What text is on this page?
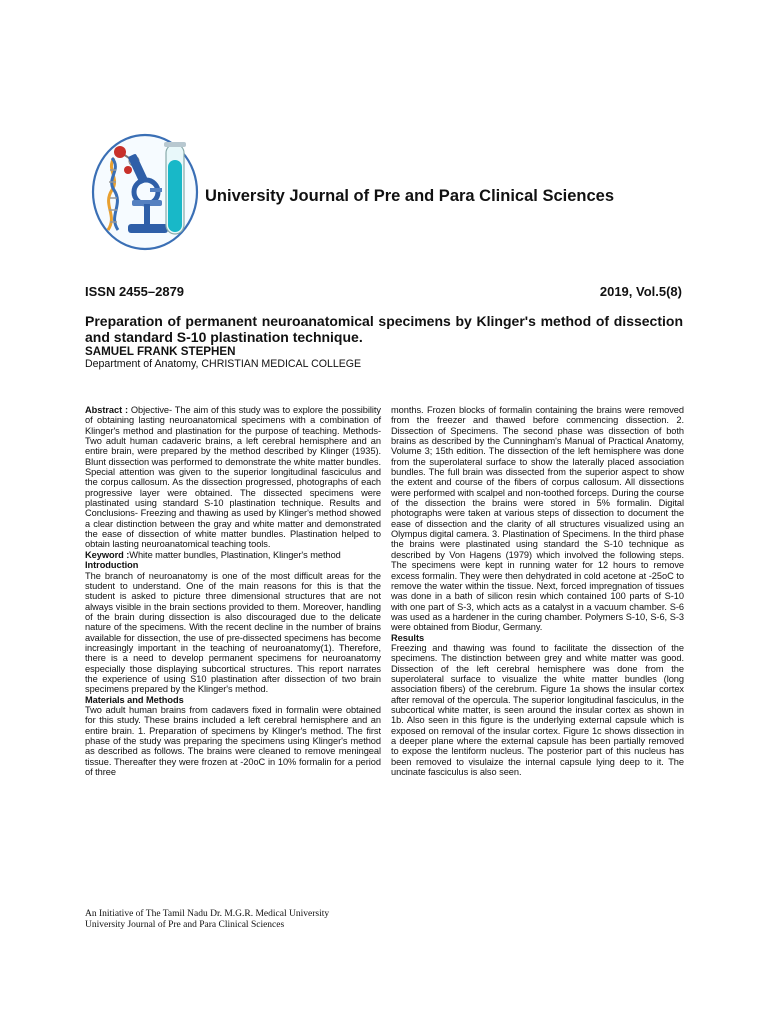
University Journal of Pre and Para Clinical Sciences
ISSN 2455–2879	2019, Vol.5(8)
Preparation of permanent neuroanatomical specimens by Klinger's method of dissection and standard S-10 plastination technique.
SAMUEL FRANK STEPHEN
Department of Anatomy, CHRISTIAN MEDICAL COLLEGE

Abstract : Objective- The aim of this study was to explore the possibility of obtaining lasting neuroanatomical specimens with a combination of Klinger's method and plastination for the purpose of teaching. Methods- Two adult human cadaveric brains, a left cerebral hemisphere and an entire brain, were prepared by the method described by Klinger (1935). Blunt dissection was performed to demonstrate the white matter bundles. Special attention was given to the superior longitudinal fasciculus and the corpus callosum. As the dissection progressed, photographs of each progressive layer were obtained. The dissected specimens were plastinated using standard S-10 plastination technique. Results and Conclusions- Freezing and thawing as used by Klinger's method showed a clear distinction between the gray and white matter and demonstrated the ease of dissection of white matter bundles. Plastination helped to obtain lasting neuroanatomical teaching tools.

Keyword :White matter bundles, Plastination, Klinger's method

Introduction

The branch of neuroanatomy is one of the most difficult areas for the student to understand. One of the main reasons for this is that the student is asked to picture three dimensional structures that are not always visible in the brain sections provided to them. Moreover, handling of the brain during dissection is also discouraged due to the delicate nature of the specimens. With the recent decline in the number of brains available for dissection, the use of pre-dissected specimens has become increasingly important in the teaching of neuroanatomy(1). Therefore, there is a need to develop permanent specimens for neuroanatomy especially those displaying subcortical structures. This report narrates the experience of using S10 plastination after dissection of two brain specimens prepared by the Klinger's method.

Materials and Methods

Two adult human brains from cadavers fixed in formalin were obtained for this study. These brains included a left cerebral hemisphere and an entire brain. 1. Preparation of specimens by Klinger's method. The first phase of the study was preparing the specimens using Klinger's method as described as follows. The brains were cleaned to remove meningeal tissue. Thereafter they were frozen at -20oC in 10% formalin for a period of three

months. Frozen blocks of formalin containing the brains were removed from the freezer and thawed before commencing dissection. 2. Dissection of Specimens. The second phase was dissection of both brains as described by the Cunningham's Manual of Practical Anatomy, Volume 3; 15th edition. The dissection of the left hemisphere was done from the superolateral surface to show the laterally placed association bundles. The full brain was dissected from the superior aspect to show the extent and course of the fibers of corpus callosum. All dissections were performed with scalpel and non-toothed forceps. During the course of the dissection the brains were stored in 5% formalin. Digital photographs were taken at various steps of dissection to document the ease of dissection and the clarity of all structures visualized using an Olympus digital camera. 3. Plastination of Specimens. In the third phase the brains were plastinated using standard the S-10 technique as described by Von Hagens (1979) which involved the following steps. The specimens were kept in running water for 12 hours to remove excess formalin. They were then dehydrated in cold acetone at -25oC to remove the water within the tissue. Next, forced impregnation of tissues was done in a bath of silicon resin which contained 100 parts of S-10 with one part of S-3, which acts as a catalyst in a vacuum chamber. S-6 was used as a hardener in the curing chamber. Polymers S-10, S-6, S-3 were obtained from Biodur, Germany.

Results

Freezing and thawing was found to facilitate the dissection of the specimens. The distinction between grey and white matter was good. Dissection of the left cerebral hemisphere was done from the superolateral surface to visualize the white matter bundles (long association fibers) of the cerebrum. Figure 1a shows the insular cortex after removal of the opercula. The superior longitudinal fasciculus, in the subcortical white matter, is seen around the insular cortex as shown in 1b. Also seen in this figure is the underlying external capsule which is exposed on removal of the insular cortex. Figure 1c shows dissection in a deeper plane where the external capsule has been partially removed to expose the lentiform nucleus. The posterior part of this nucleus has been removed to visulaize the internal capsule lying deep to it. The uncinate fasciculus is also seen.

An Initiative of The Tamil Nadu Dr. M.G.R. Medical University
University Journal of Pre and Para Clinical Sciences
